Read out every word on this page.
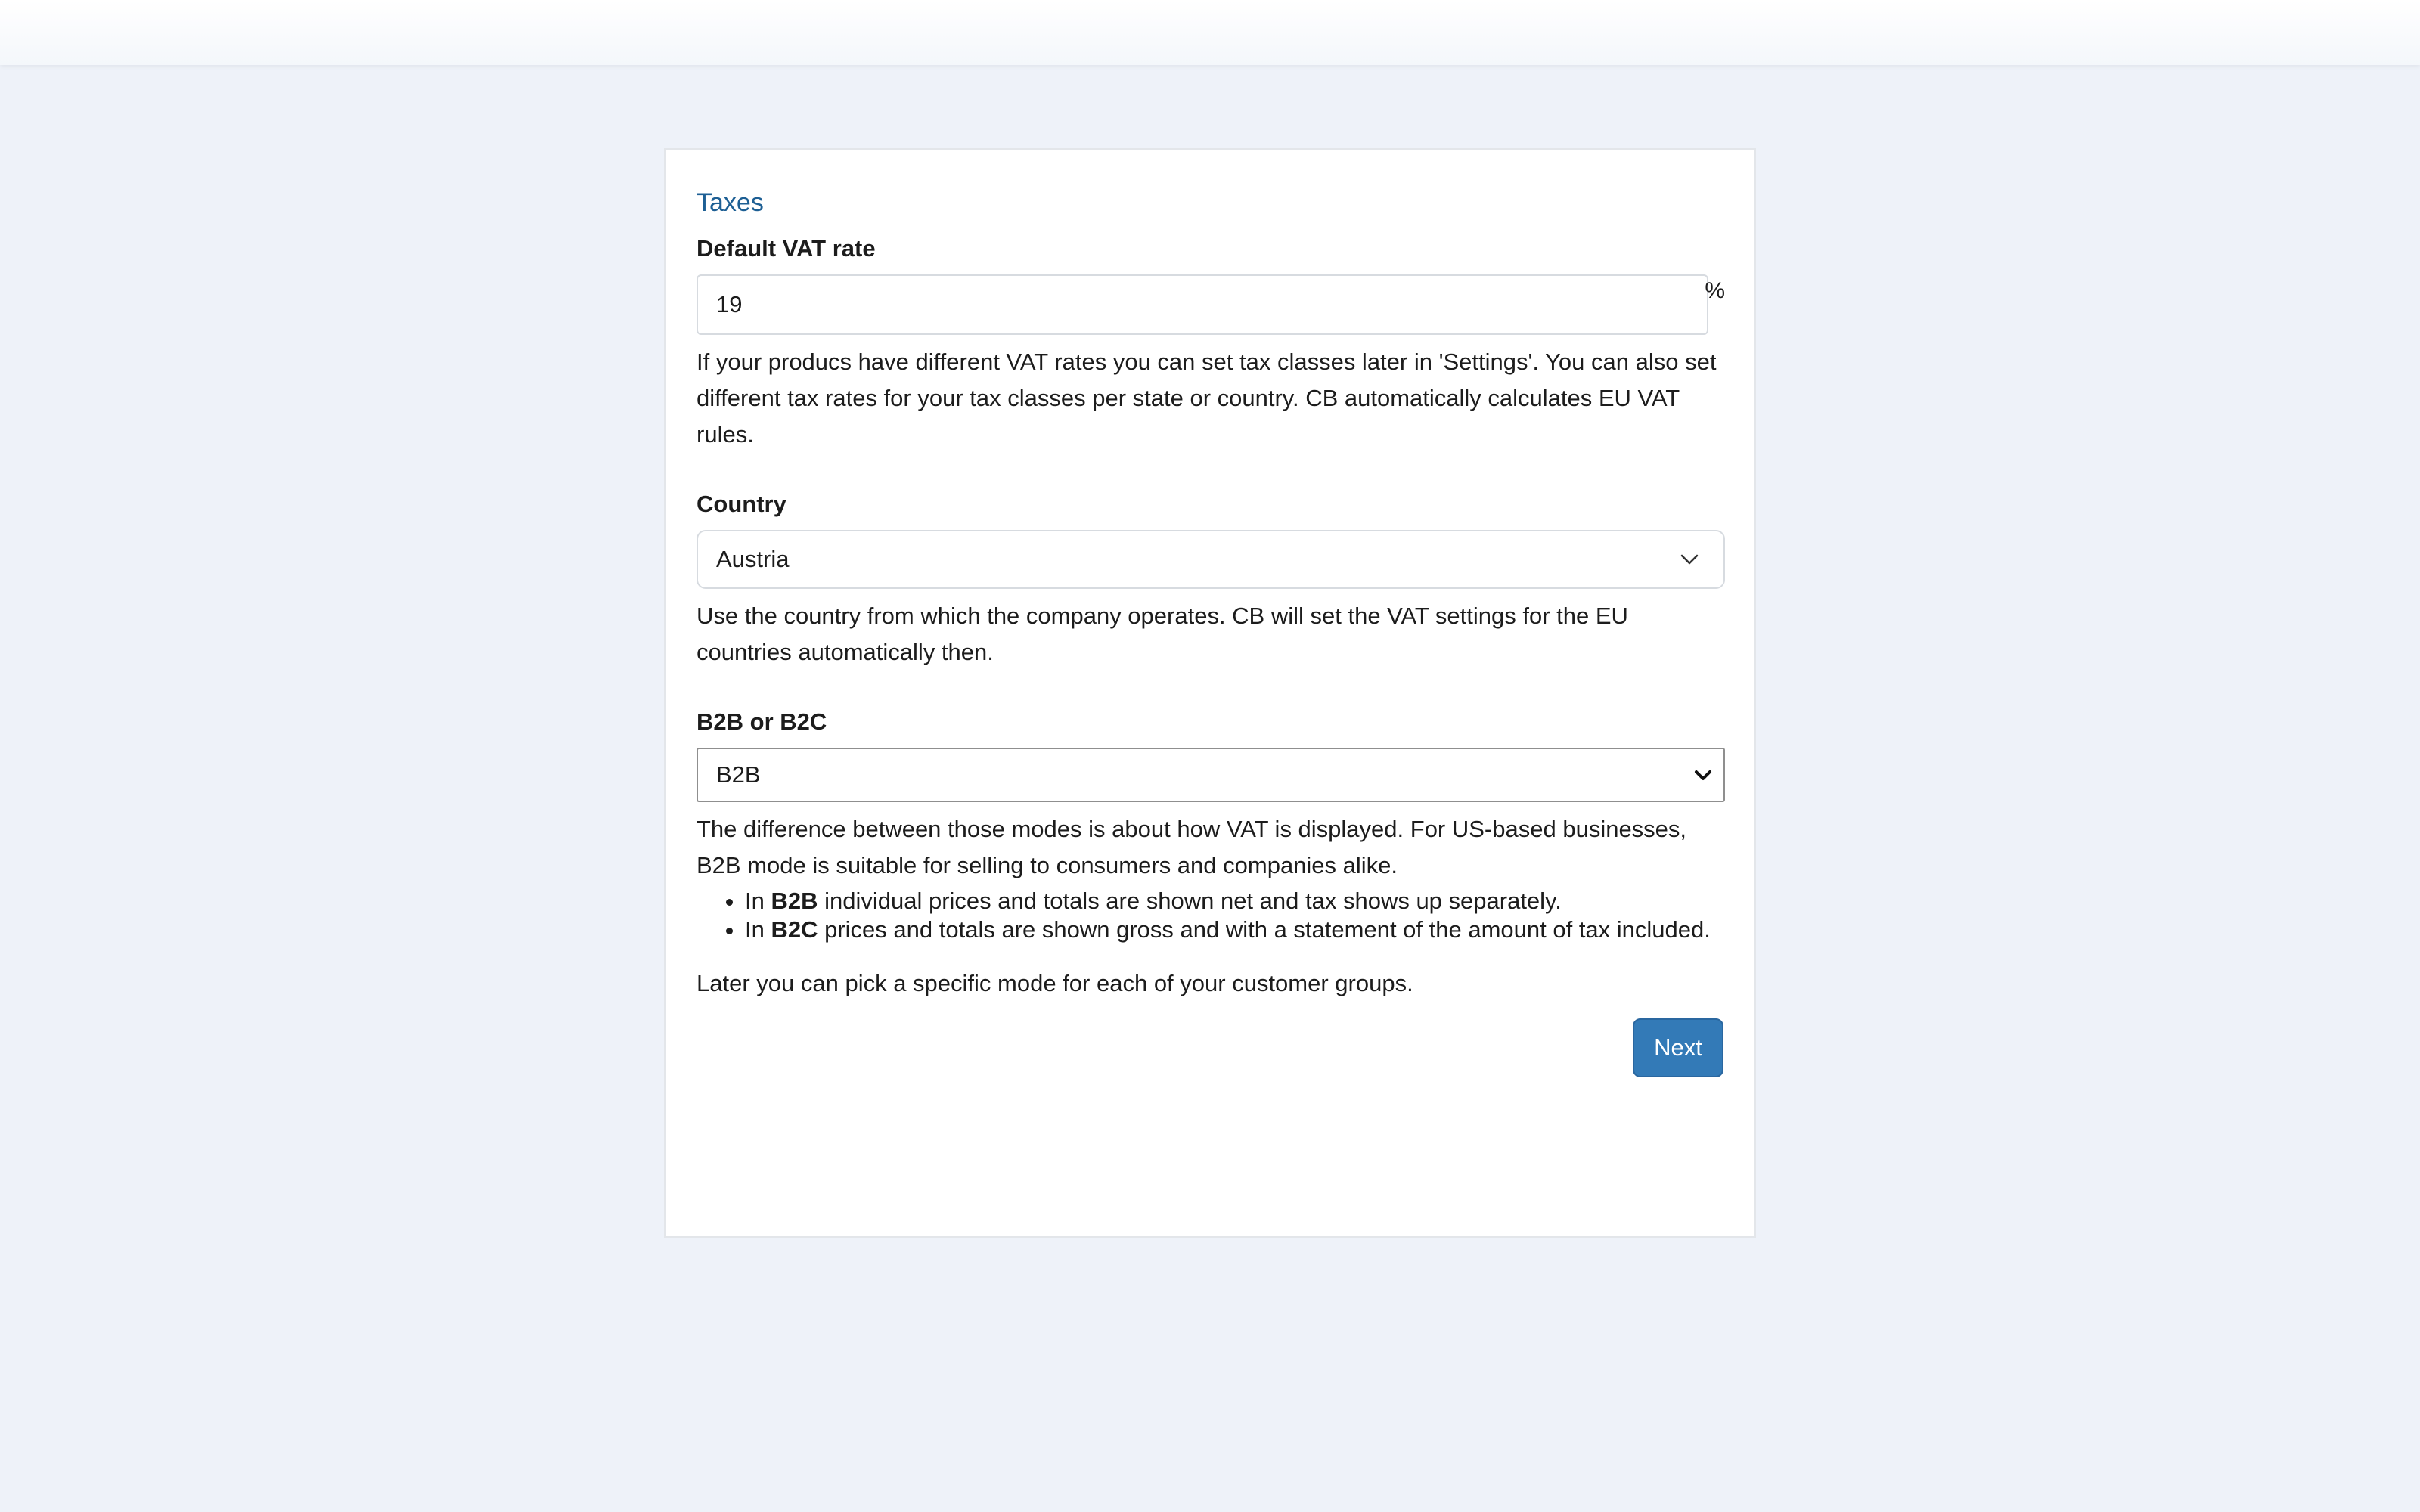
Taxes
Default VAT rate
19
%
If your producs have different VAT rates you can set tax classes later in 'Settings'. You can also set different tax rates for your tax classes per state or country. CB automatically calculates EU VAT rules.
Country
Austria
Use the country from which the company operates. CB will set the VAT settings for the EU countries automatically then.
B2B or B2C
B2B
The difference between those modes is about how VAT is displayed. For US-based businesses, B2B mode is suitable for selling to consumers and companies alike.
• In B2B individual prices and totals are shown net and tax shows up separately.
• In B2C prices and totals are shown gross and with a statement of the amount of tax included.
Later you can pick a specific mode for each of your customer groups.
Next
